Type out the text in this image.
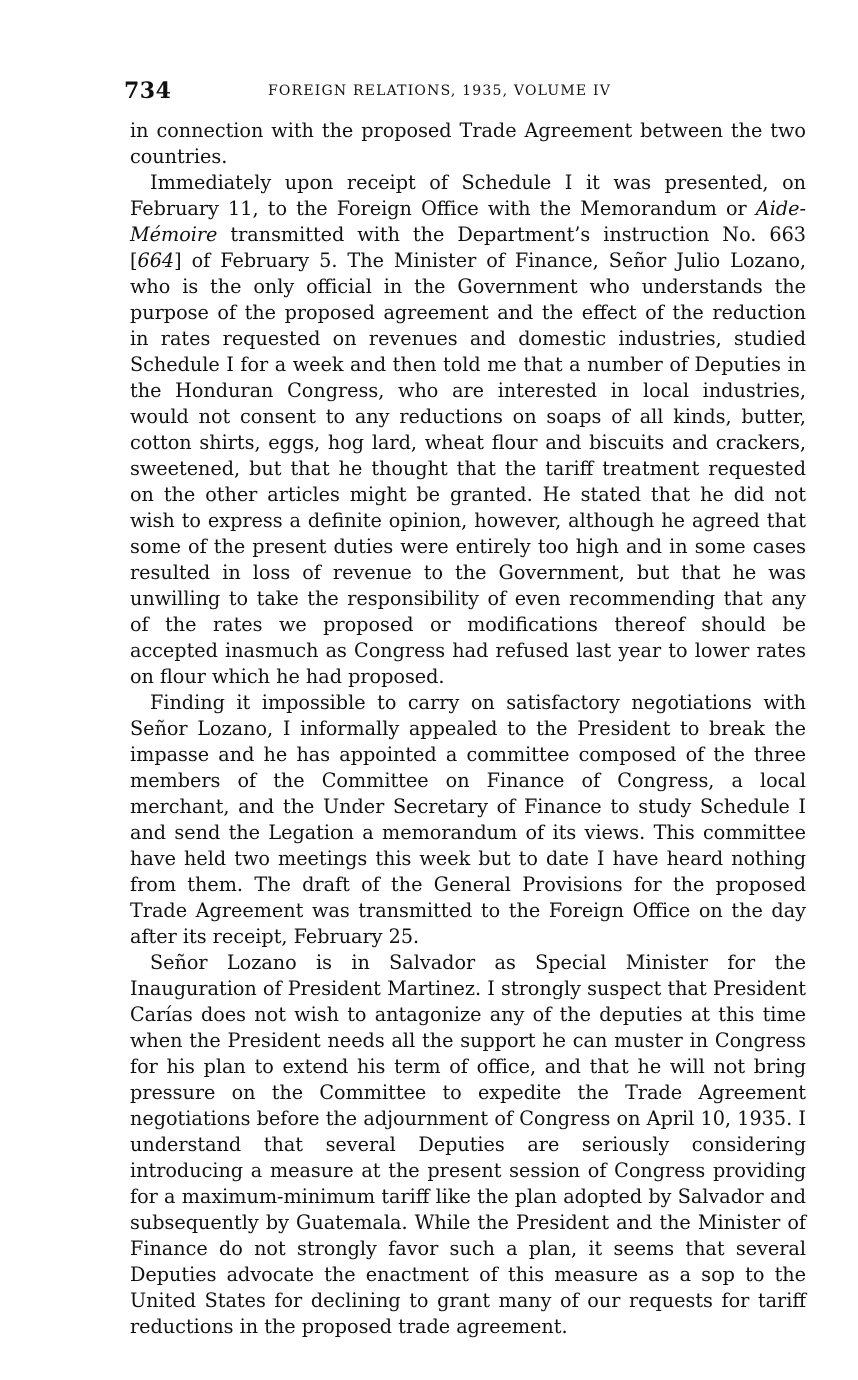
734	FOREIGN RELATIONS, 1935, VOLUME IV

in connection with the proposed Trade Agreement between the two countries.

Immediately upon receipt of Schedule I it was presented, on February 11, to the Foreign Office with the Memorandum or Aide-Mémoire transmitted with the Department’s instruction No. 663 [664] of February 5. The Minister of Finance, Señor Julio Lozano, who is the only official in the Government who understands the purpose of the proposed agreement and the effect of the reduction in rates requested on revenues and domestic industries, studied Schedule I for a week and then told me that a number of Deputies in the Honduran Congress, who are interested in local industries, would not consent to any reductions on soaps of all kinds, butter, cotton shirts, eggs, hog lard, wheat flour and biscuits and crackers, sweetened, but that he thought that the tariff treatment requested on the other articles might be granted. He stated that he did not wish to express a definite opinion, however, although he agreed that some of the present duties were entirely too high and in some cases resulted in loss of revenue to the Government, but that he was unwilling to take the responsibility of even recommending that any of the rates we proposed or modifications thereof should be accepted inasmuch as Congress had refused last year to lower rates on flour which he had proposed.

Finding it impossible to carry on satisfactory negotiations with Señor Lozano, I informally appealed to the President to break the impasse and he has appointed a committee composed of the three members of the Committee on Finance of Congress, a local merchant, and the Under Secretary of Finance to study Schedule I and send the Legation a memorandum of its views. This committee have held two meetings this week but to date I have heard nothing from them. The draft of the General Provisions for the proposed Trade Agreement was transmitted to the Foreign Office on the day after its receipt, February 25.

Señor Lozano is in Salvador as Special Minister for the Inauguration of President Martinez. I strongly suspect that President Carías does not wish to antagonize any of the deputies at this time when the President needs all the support he can muster in Congress for his plan to extend his term of office, and that he will not bring pressure on the Committee to expedite the Trade Agreement negotiations before the adjournment of Congress on April 10, 1935. I understand that several Deputies are seriously considering introducing a measure at the present session of Congress providing for a maximum-minimum tariff like the plan adopted by Salvador and subsequently by Guatemala. While the President and the Minister of Finance do not strongly favor such a plan, it seems that several Deputies advocate the enactment of this measure as a sop to the United States for declining to grant many of our requests for tariff reductions in the proposed trade agreement.
